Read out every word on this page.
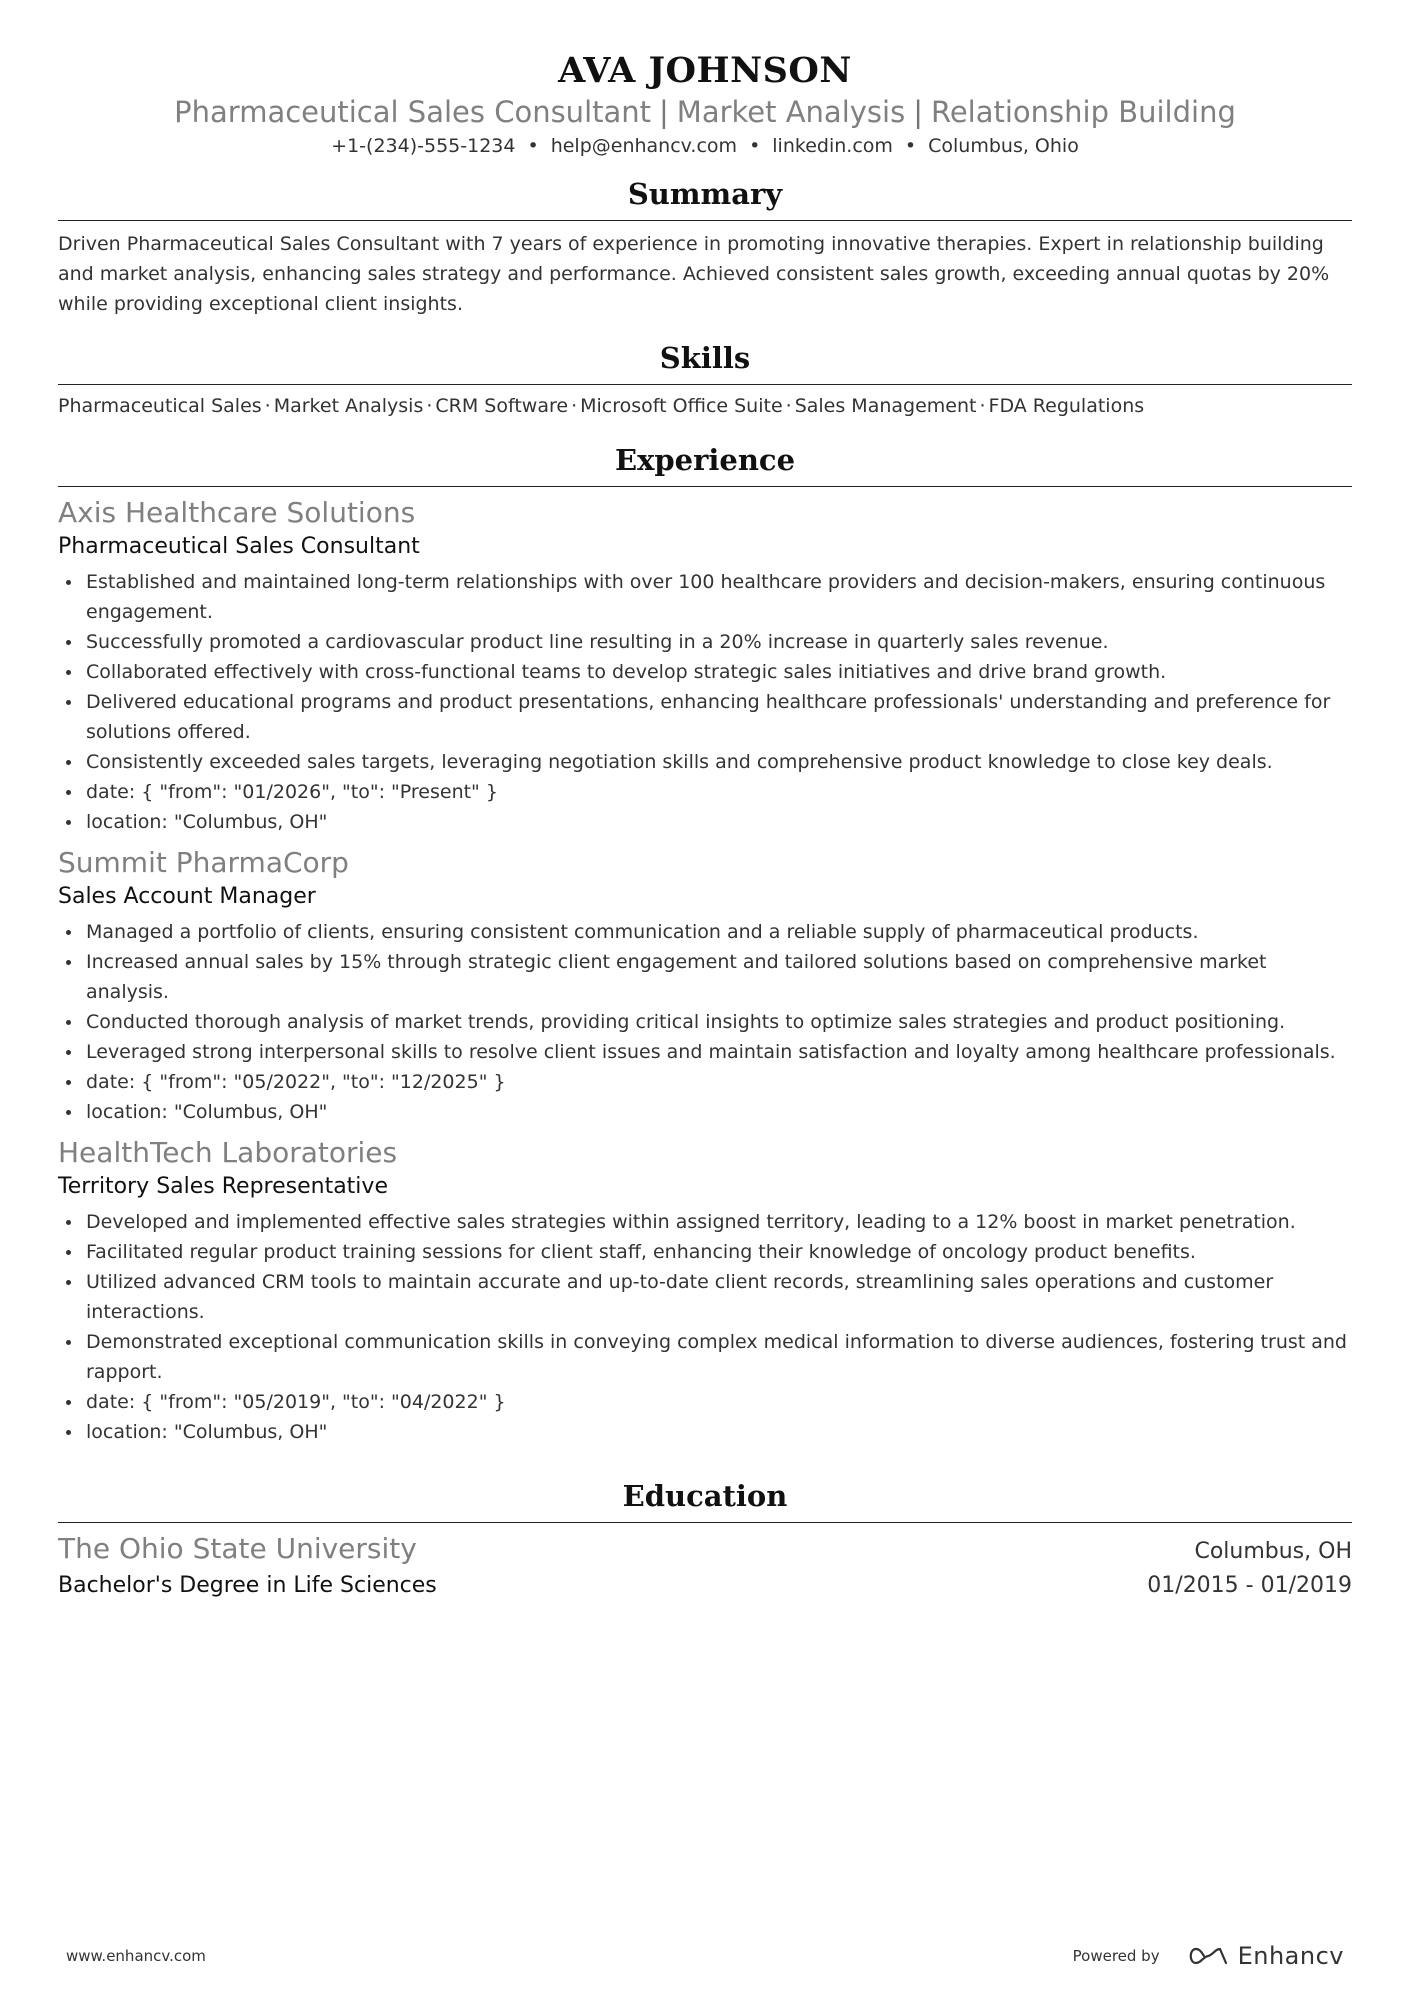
AVA JOHNSON
Pharmaceutical Sales Consultant | Market Analysis | Relationship Building
+1-(234)-555-1234 • help@enhancv.com • linkedin.com • Columbus, Ohio
Summary

Driven Pharmaceutical Sales Consultant with 7 years of experience in promoting innovative therapies. Expert in relationship building and market analysis, enhancing sales strategy and performance. Achieved consistent sales growth, exceeding annual quotas by 20% while providing exceptional client insights.

Skills
Pharmaceutical Sales · Market Analysis · CRM Software · Microsoft Office Suite · Sales Management · FDA Regulations
Experience
Axis Healthcare Solutions
Pharmaceutical Sales Consultant
Established and maintained long-term relationships with over 100 healthcare providers and decision-makers, ensuring continuous engagement.
Successfully promoted a cardiovascular product line resulting in a 20% increase in quarterly sales revenue.
Collaborated effectively with cross-functional teams to develop strategic sales initiatives and drive brand growth.
Delivered educational programs and product presentations, enhancing healthcare professionals' understanding and preference for solutions offered.
Consistently exceeded sales targets, leveraging negotiation skills and comprehensive product knowledge to close key deals.
date: { "from": "01/2026", "to": "Present" }
location: "Columbus, OH"
Summit PharmaCorp
Sales Account Manager
Managed a portfolio of clients, ensuring consistent communication and a reliable supply of pharmaceutical products.
Increased annual sales by 15% through strategic client engagement and tailored solutions based on comprehensive market analysis.
Conducted thorough analysis of market trends, providing critical insights to optimize sales strategies and product positioning.
Leveraged strong interpersonal skills to resolve client issues and maintain satisfaction and loyalty among healthcare professionals.
date: { "from": "05/2022", "to": "12/2025" }
location: "Columbus, OH"
HealthTech Laboratories
Territory Sales Representative
Developed and implemented effective sales strategies within assigned territory, leading to a 12% boost in market penetration.
Facilitated regular product training sessions for client staff, enhancing their knowledge of oncology product benefits.
Utilized advanced CRM tools to maintain accurate and up-to-date client records, streamlining sales operations and customer interactions.
Demonstrated exceptional communication skills in conveying complex medical information to diverse audiences, fostering trust and rapport.
date: { "from": "05/2019", "to": "04/2022" }
location: "Columbus, OH"
Education
The Ohio State University	Columbus, OH
Bachelor's Degree in Life Sciences	01/2015 - 01/2019
www.enhancv.com	Powered by	Enhancv
